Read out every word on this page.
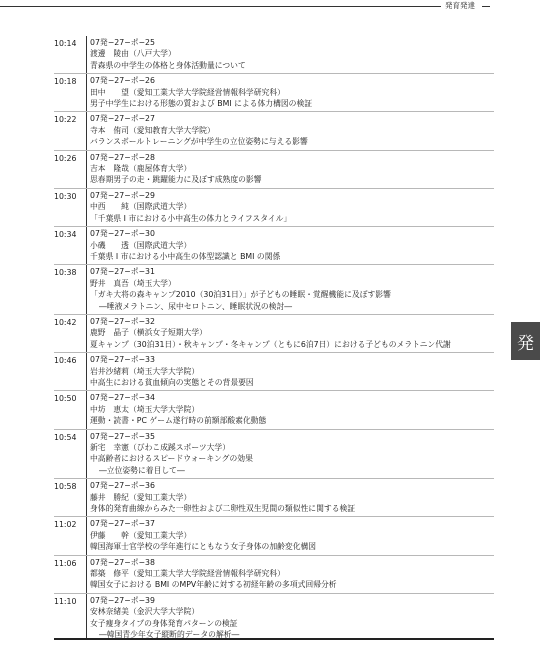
発育発達
10:14	07発−27−ポ−25
渡邊　陵由（八戸大学）
青森県の中学生の体格と身体活動量について
10:18	07発−27−ポ−26
田中　　望（愛知工業大学大学院経営情報科学研究科）
男子中学生における形態の質および BMI による体力構図の検証
10:22	07発−27−ポ−27
寺本　侑司（愛知教育大学大学院）
バランスボールトレーニングが中学生の立位姿勢に与える影響
10:26	07発−27−ポ−28
吉本　隆哉（鹿屋体育大学）
思春期男子の走・跳躍能力に及ぼす成熟度の影響
10:30	07発−27−ポ−29
中西　　純（国際武道大学）
「千葉県 I 市における小中高生の体力とライフスタイル」
10:34	07発−27−ポ−30
小磯　　透（国際武道大学）
千葉県 I 市における小中高生の体型認識と BMI の関係
10:38	07発−27−ポ−31
野井　真吾（埼玉大学）
「ガキ大将の森キャンプ2010（30泊31日）」が子どもの睡眠・覚醒機能に及ぼす影響
―唾液メラトニン、尿中セロトニン、睡眠状況の検討―
10:42	07発−27−ポ−32
鹿野　晶子（横浜女子短期大学）
夏キャンプ（30泊31日）・秋キャンプ・冬キャンプ（ともに6泊7日）における子どものメラトニン代謝
10:46	07発−27−ポ−33
岩井沙緒莉（埼玉大学大学院）
中高生における貧血傾向の実態とその背景要因
10:50	07発−27−ポ−34
中坊　恵太（埼玉大学大学院）
運動・読書・PC ゲーム遂行時の前額部酸素化動態
10:54	07発−27−ポ−35
新宅　幸憲（びわこ成蹊スポーツ大学）
中高齢者におけるスピードウォーキングの効果
―立位姿勢に着目して―
10:58	07発−27−ポ−36
藤井　勝紀（愛知工業大学）
身体的発育曲線からみた一卵性および二卵性双生児間の類似性に関する検証
11:02	07発−27−ポ−37
伊藤　　幹（愛知工業大学）
韓国海軍士官学校の学年進行にともなう女子身体の加齢変化構図
11:06	07発−27−ポ−38
都築　修平（愛知工業大学大学院経営情報科学研究科）
韓国女子における BMI のMPV年齢に対する初経年齢の多項式回帰分析
11:10	07発−27−ポ−39
安林奈緒美（金沢大学大学院）
女子痩身タイプの身体発育パターンの検証
―韓国青少年女子縦断的データの解析―
発
